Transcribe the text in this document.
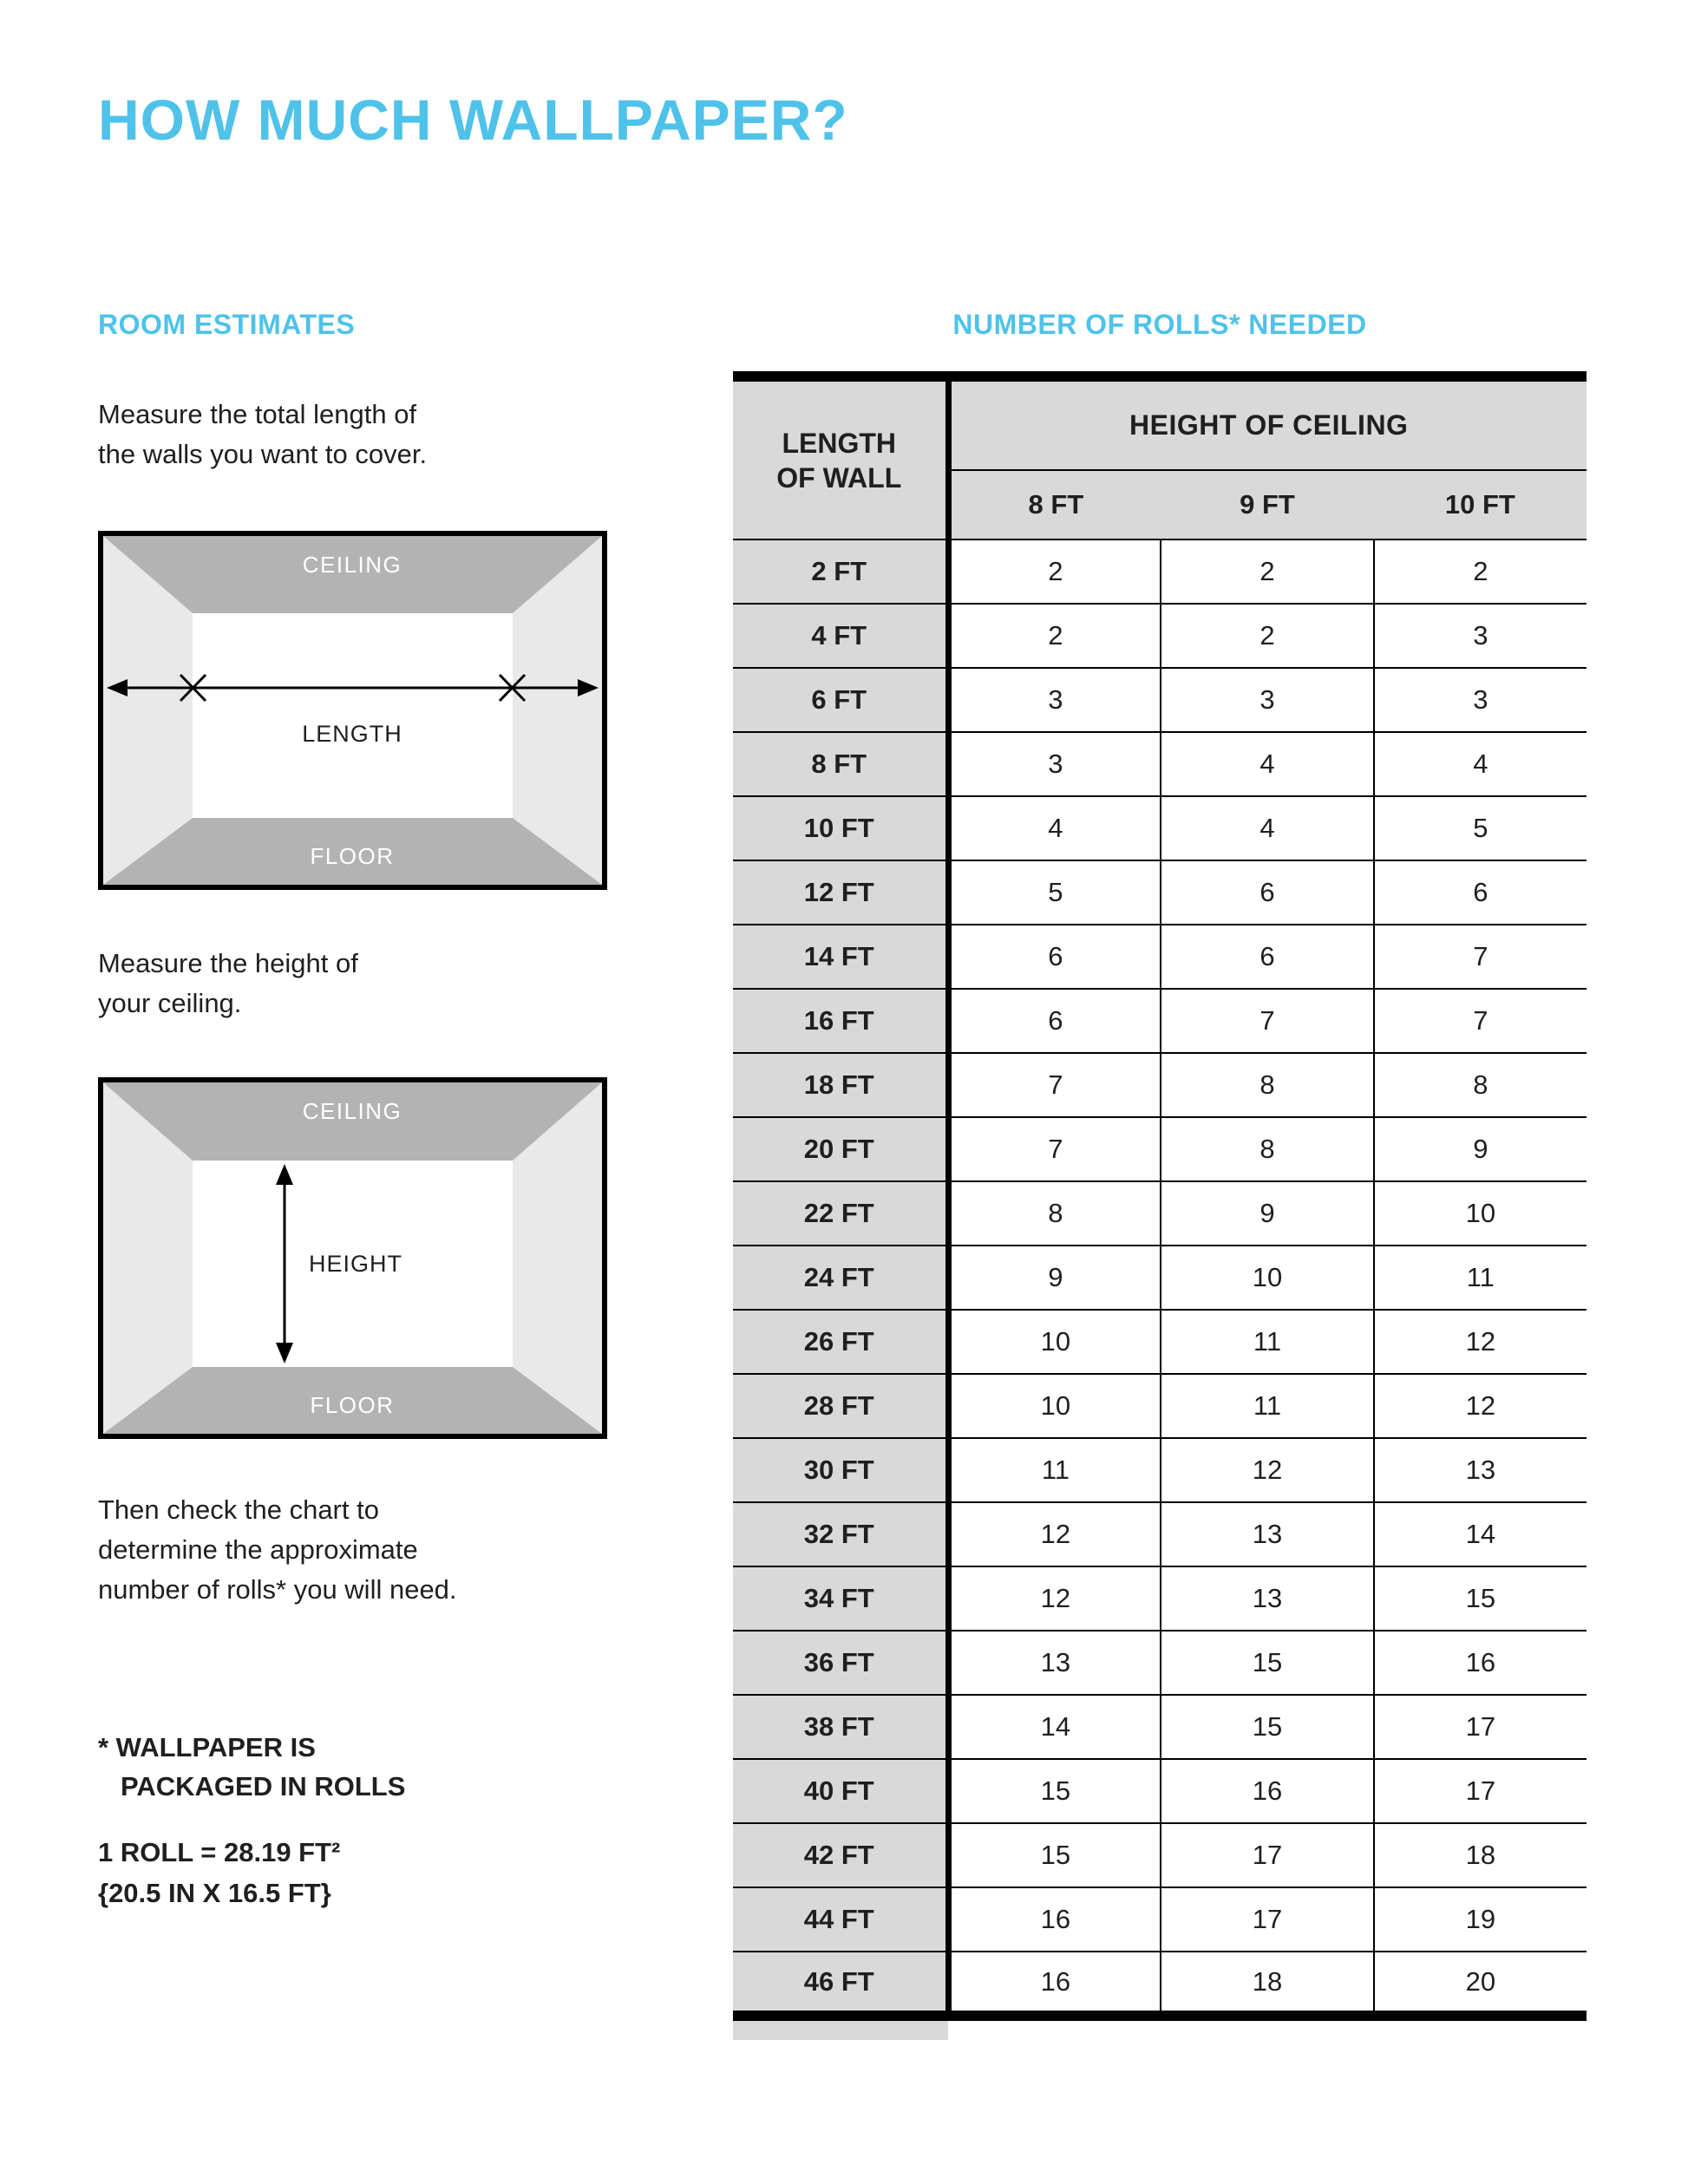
HOW MUCH WALLPAPER?
ROOM ESTIMATES

Measure the total length of
the walls you want to cover.

CEILING
FLOOR
LENGTH

Measure the height of
your ceiling.

CEILING
FLOOR
HEIGHT

Then check the chart to
determine the approximate
number of rolls* you will need.

* WALLPAPER IS
PACKAGED IN ROLLS

1 ROLL = 28.19 FT²
{20.5 IN X 16.5 FT}

NUMBER OF ROLLS* NEEDED
LENGTH
OF WALL	HEIGHT OF CEILING		
	8 FT	9 FT	10 FT
2 FT	2	2	2
4 FT	2	2	3
6 FT	3	3	3
8 FT	3	4	4
10 FT	4	4	5
12 FT	5	6	6
14 FT	6	6	7
16 FT	6	7	7
18 FT	7	8	8
20 FT	7	8	9
22 FT	8	9	10
24 FT	9	10	11
26 FT	10	11	12
28 FT	10	11	12
30 FT	11	12	13
32 FT	12	13	14
34 FT	12	13	15
36 FT	13	15	16
38 FT	14	15	17
40 FT	15	16	17
42 FT	15	17	18
44 FT	16	17	19
46 FT	16	18	20
